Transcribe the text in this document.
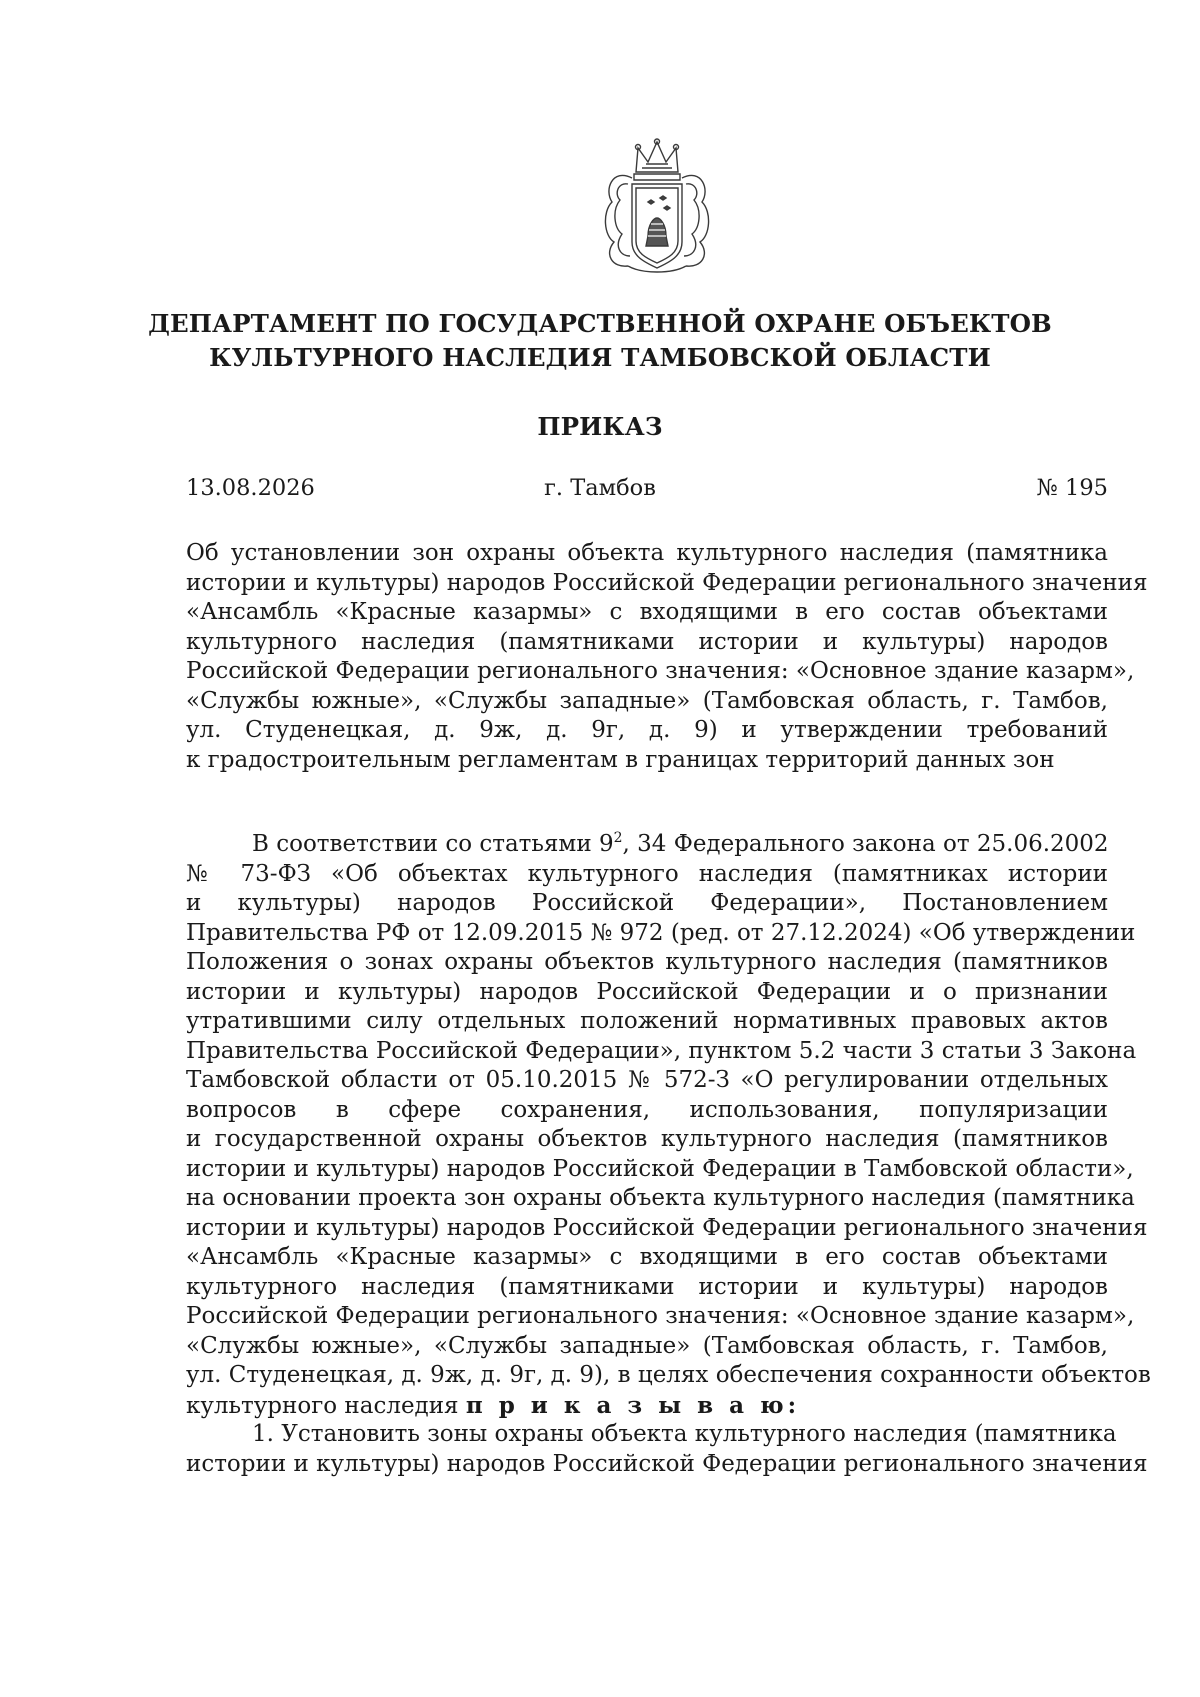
ДЕПАРТАМЕНТ ПО ГОСУДАРСТВЕННОЙ ОХРАНЕ ОБЪЕКТОВ
КУЛЬТУРНОГО НАСЛЕДИЯ ТАМБОВСКОЙ ОБЛАСТИ
ПРИКАЗ
13.08.2026	г. Тамбов	№ 195
Об установлении зон охраны объекта культурного наследия (памятника
истории и культуры) народов Российской Федерации регионального значения
«Ансамбль «Красные казармы» с входящими в его состав объектами
культурного наследия (памятниками истории и культуры) народов
Российской Федерации регионального значения: «Основное здание казарм»,
«Службы южные», «Службы западные» (Тамбовская область, г. Тамбов,
ул. Студенецкая, д. 9ж, д. 9г, д. 9) и утверждении требований
к градостроительным регламентам в границах территорий данных зон
В соответствии со статьями $9^2$, 34 Федерального закона от 25.06.2002
№ 73-ФЗ «Об объектах культурного наследия (памятниках истории
и культуры) народов Российской Федерации», Постановлением
Правительства РФ от 12.09.2015 № 972 (ред. от 27.12.2024) «Об утверждении
Положения о зонах охраны объектов культурного наследия (памятников
истории и культуры) народов Российской Федерации и о признании
утратившими силу отдельных положений нормативных правовых актов
Правительства Российской Федерации», пунктом 5.2 части 3 статьи 3 Закона
Тамбовской области от 05.10.2015 № 572-З «О регулировании отдельных
вопросов в сфере сохранения, использования, популяризации
и государственной охраны объектов культурного наследия (памятников
истории и культуры) народов Российской Федерации в Тамбовской области»,
на основании проекта зон охраны объекта культурного наследия (памятника
истории и культуры) народов Российской Федерации регионального значения
«Ансамбль «Красные казармы» с входящими в его состав объектами
культурного наследия (памятниками истории и культуры) народов
Российской Федерации регионального значения: «Основное здание казарм»,
«Службы южные», «Службы западные» (Тамбовская область, г. Тамбов,
ул. Студенецкая, д. 9ж, д. 9г, д. 9), в целях обеспечения сохранности объектов
культурного наследия п р и к а з ы в а ю:
1. Установить зоны охраны объекта культурного наследия (памятника
истории и культуры) народов Российской Федерации регионального значения
